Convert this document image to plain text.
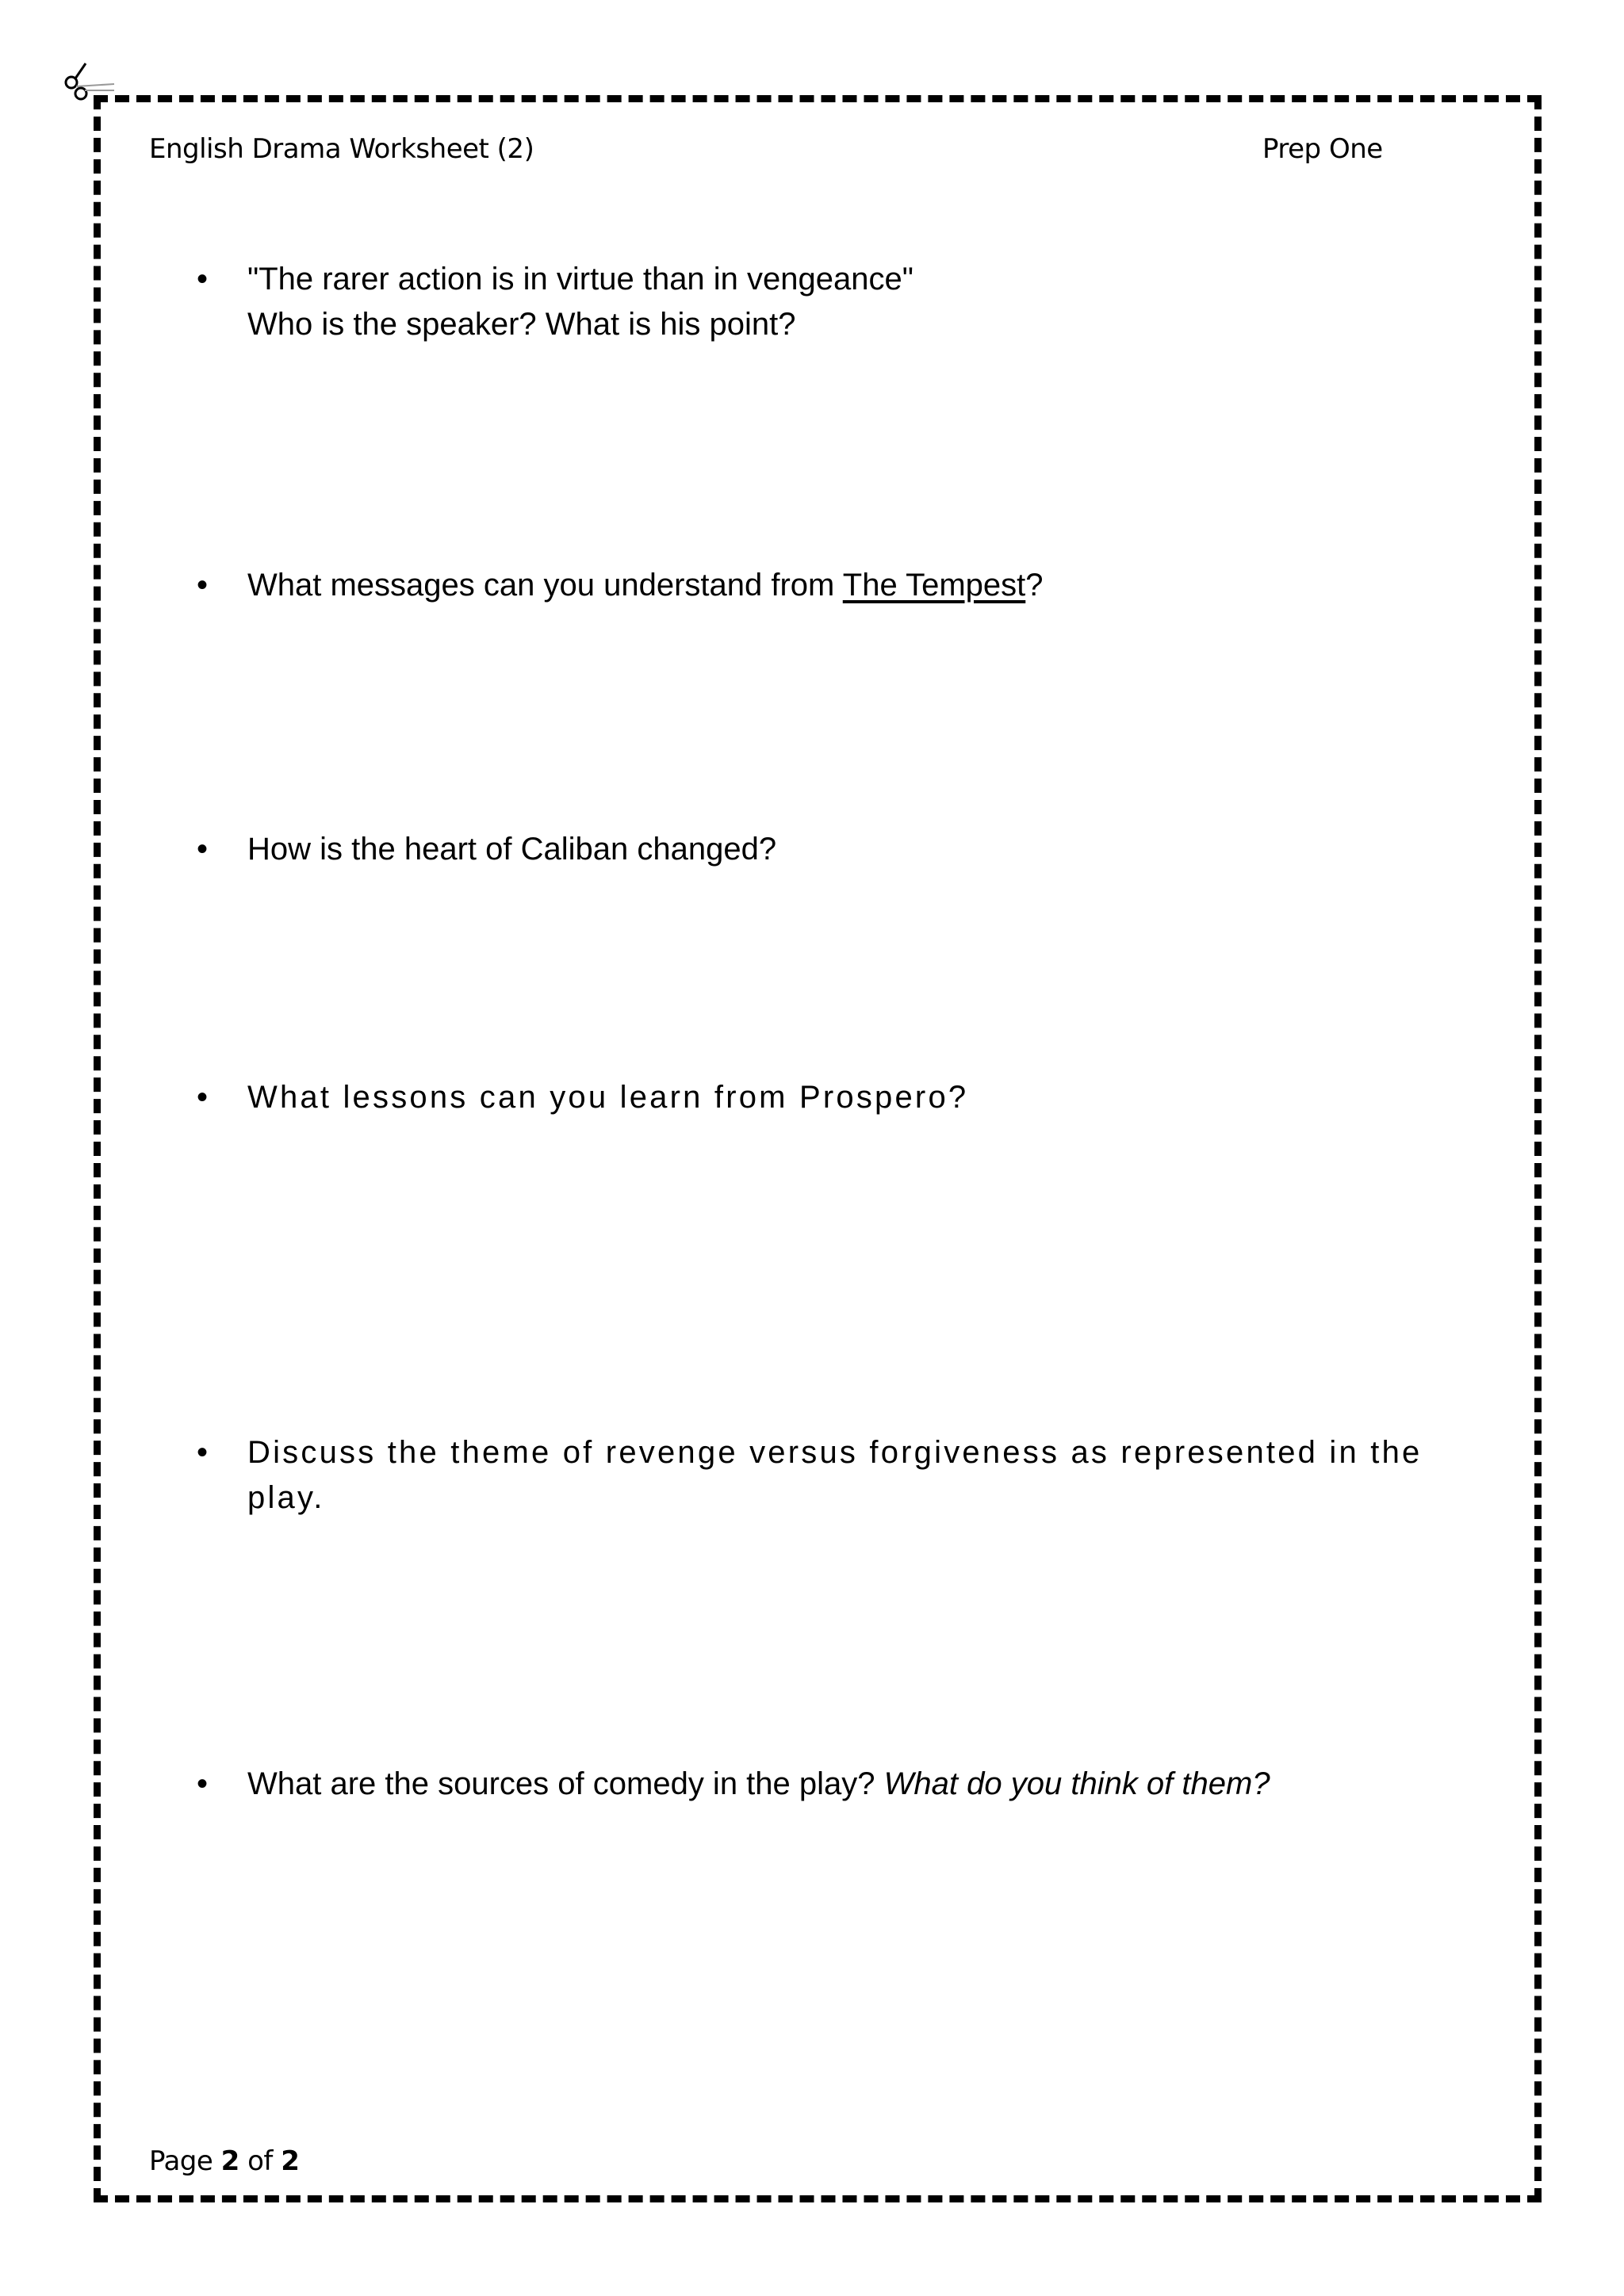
English Drama Worksheet (2)	Prep One
•	"The rarer action is in virtue than in vengeance"
Who is the speaker? What is his point?
•	What messages can you understand from The Tempest?
•	How is the heart of Caliban changed?
•	What lessons can you learn from Prospero?
•	Discuss the theme of revenge versus forgiveness as represented in the
play.
•	What are the sources of comedy in the play? What do you think of them?
Page 2 of 2
